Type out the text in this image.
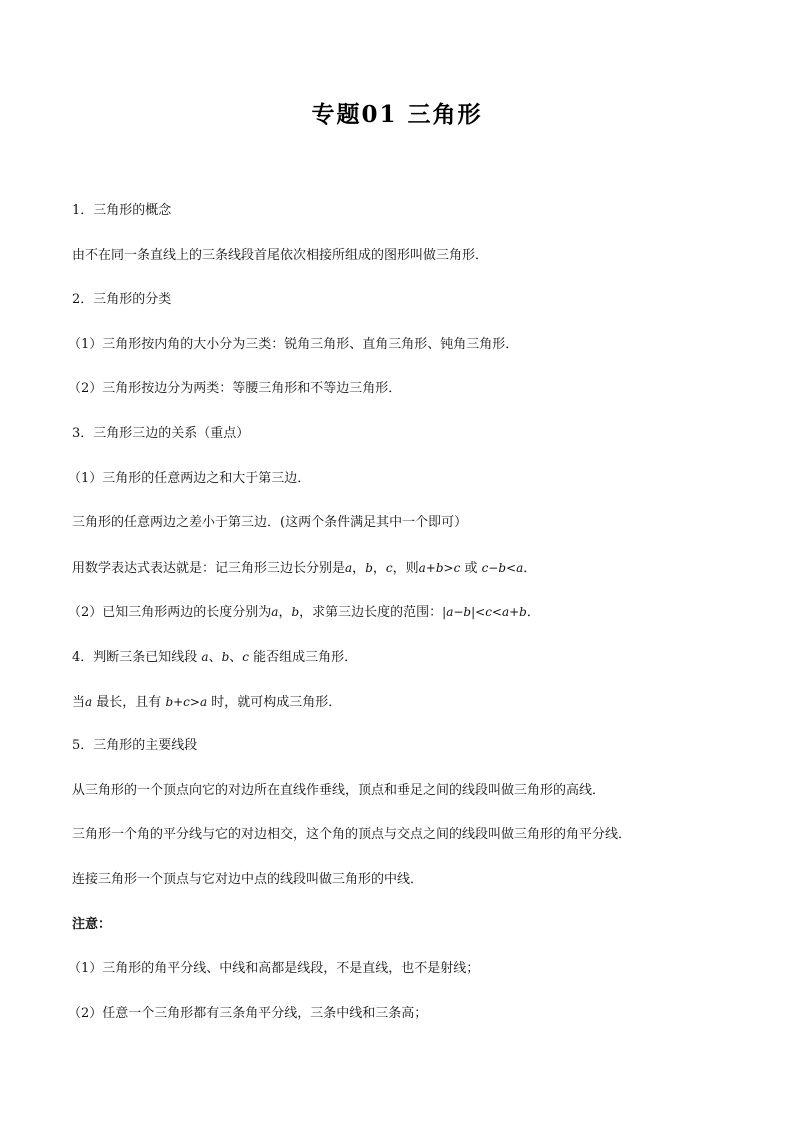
专题01 三角形
1．三角形的概念
由不在同一条直线上的三条线段首尾依次相接所组成的图形叫做三角形．
2．三角形的分类
（1）三角形按内角的大小分为三类：锐角三角形、直角三角形、钝角三角形．
（2）三角形按边分为两类：等腰三角形和不等边三角形．
3．三角形三边的关系（重点）
（1）三角形的任意两边之和大于第三边．
三角形的任意两边之差小于第三边．(这两个条件满足其中一个即可）
用数学表达式表达就是：记三角形三边长分别是a，b，c，则a+b>c 或 c−b<a．
（2）已知三角形两边的长度分别为a，b，求第三边长度的范围：|a−b|<c<a+b．
4．判断三条已知线段 a、b、c 能否组成三角形．
当a 最长，且有 b+c>a 时，就可构成三角形．
5．三角形的主要线段
从三角形的一个顶点向它的对边所在直线作垂线，顶点和垂足之间的线段叫做三角形的高线．
三角形一个角的平分线与它的对边相交，这个角的顶点与交点之间的线段叫做三角形的角平分线．
连接三角形一个顶点与它对边中点的线段叫做三角形的中线．
注意：
（1）三角形的角平分线、中线和高都是线段，不是直线，也不是射线；
（2）任意一个三角形都有三条角平分线，三条中线和三条高；
